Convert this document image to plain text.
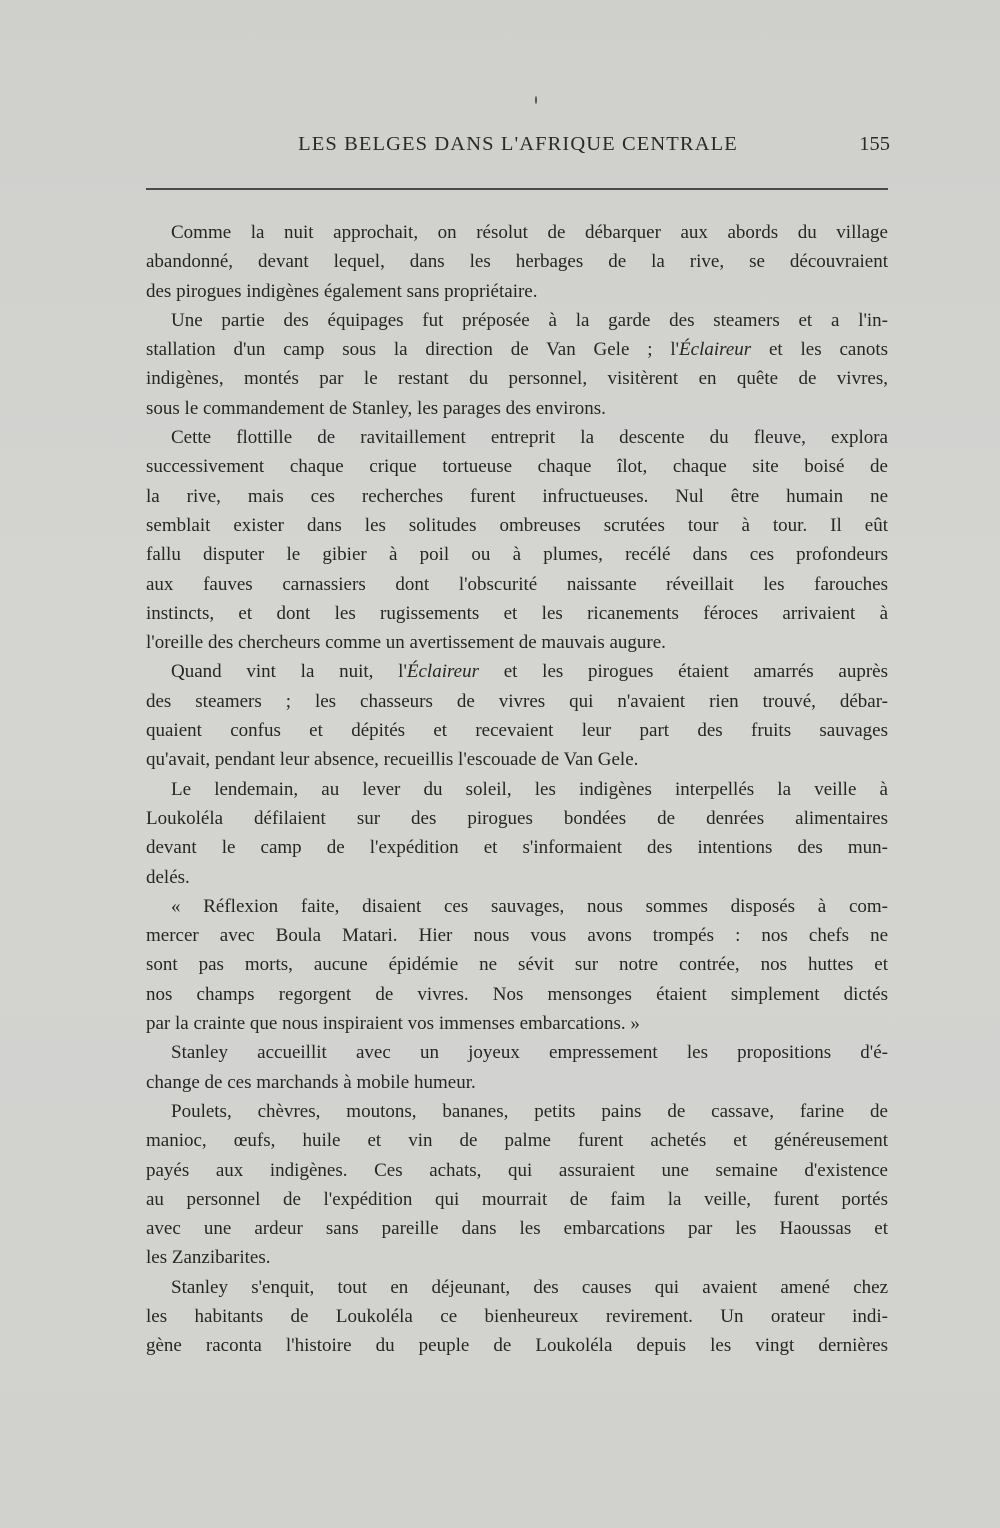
LES BELGES DANS L'AFRIQUE CENTRALE	155
Comme la nuit approchait, on résolut de débarquer aux abords du village
abandonné, devant lequel, dans les herbages de la rive, se découvraient
des pirogues indigènes également sans propriétaire.
Une partie des équipages fut préposée à la garde des steamers et a l'in-
stallation d'un camp sous la direction de Van Gele ; l'Éclaireur et les canots
indigènes, montés par le restant du personnel, visitèrent en quête de vivres,
sous le commandement de Stanley, les parages des environs.
Cette flottille de ravitaillement entreprit la descente du fleuve, explora
successivement chaque crique tortueuse chaque îlot, chaque site boisé de
la rive, mais ces recherches furent infructueuses. Nul être humain ne
semblait exister dans les solitudes ombreuses scrutées tour à tour. Il eût
fallu disputer le gibier à poil ou à plumes, recélé dans ces profondeurs
aux fauves carnassiers dont l'obscurité naissante réveillait les farouches
instincts, et dont les rugissements et les ricanements féroces arrivaient à
l'oreille des chercheurs comme un avertissement de mauvais augure.
Quand vint la nuit, l'Éclaireur et les pirogues étaient amarrés auprès
des steamers ; les chasseurs de vivres qui n'avaient rien trouvé, débar-
quaient confus et dépités et recevaient leur part des fruits sauvages
qu'avait, pendant leur absence, recueillis l'escouade de Van Gele.
Le lendemain, au lever du soleil, les indigènes interpellés la veille à
Loukoléla défilaient sur des pirogues bondées de denrées alimentaires
devant le camp de l'expédition et s'informaient des intentions des mun-
delés.
« Réflexion faite, disaient ces sauvages, nous sommes disposés à com-
mercer avec Boula Matari. Hier nous vous avons trompés : nos chefs ne
sont pas morts, aucune épidémie ne sévit sur notre contrée, nos huttes et
nos champs regorgent de vivres. Nos mensonges étaient simplement dictés
par la crainte que nous inspiraient vos immenses embarcations. »
Stanley accueillit avec un joyeux empressement les propositions d'é-
change de ces marchands à mobile humeur.
Poulets, chèvres, moutons, bananes, petits pains de cassave, farine de
manioc, œufs, huile et vin de palme furent achetés et généreusement
payés aux indigènes. Ces achats, qui assuraient une semaine d'existence
au personnel de l'expédition qui mourrait de faim la veille, furent portés
avec une ardeur sans pareille dans les embarcations par les Haoussas et
les Zanzibarites.
Stanley s'enquit, tout en déjeunant, des causes qui avaient amené chez
les habitants de Loukoléla ce bienheureux revirement. Un orateur indi-
gène raconta l'histoire du peuple de Loukoléla depuis les vingt dernières
